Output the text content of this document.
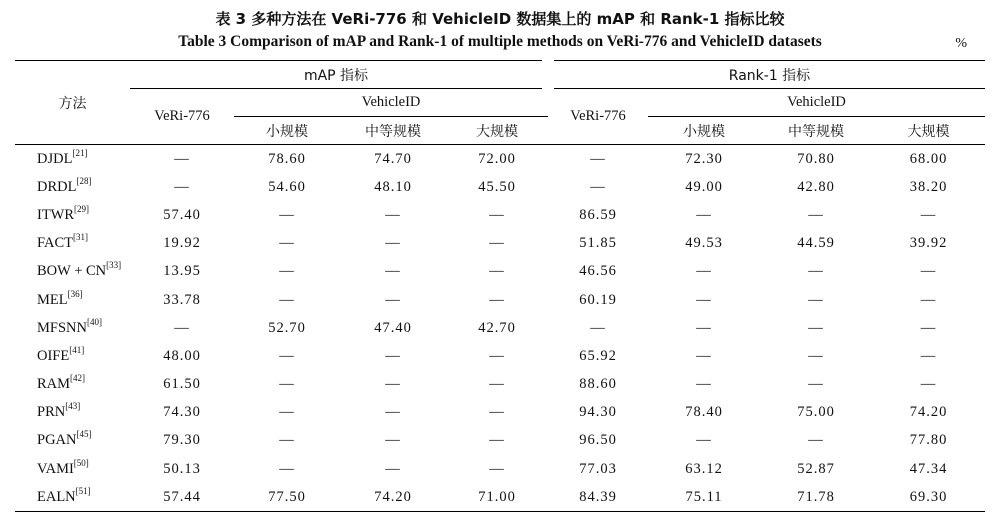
表 3 多种方法在 VeRi-776 和 VehicleID 数据集上的 mAP 和 Rank-1 指标比较
Table 3 Comparison of mAP and Rank-1 of multiple methods on VeRi-776 and VehicleID datasets	%
方法	mAP 指标				Rank-1 指标			
	VeRi-776	VehicleID			VeRi-776	VehicleID		
		小规模	中等规模	大规模		小规模	中等规模	大规模
DJDL[21]	—	78.60	74.70	72.00	—	72.30	70.80	68.00
DRDL[28]	—	54.60	48.10	45.50	—	49.00	42.80	38.20
ITWR[29]	57.40	—	—	—	86.59	—	—	—
FACT[31]	19.92	—	—	—	51.85	49.53	44.59	39.92
BOW + CN[33]	13.95	—	—	—	46.56	—	—	—
MEL[36]	33.78	—	—	—	60.19	—	—	—
MFSNN[40]	—	52.70	47.40	42.70	—	—	—	—
OIFE[41]	48.00	—	—	—	65.92	—	—	—
RAM[42]	61.50	—	—	—	88.60	—	—	—
PRN[43]	74.30	—	—	—	94.30	78.40	75.00	74.20
PGAN[45]	79.30	—	—	—	96.50	—	—	77.80
VAMI[50]	50.13	—	—	—	77.03	63.12	52.87	47.34
EALN[51]	57.44	77.50	74.20	71.00	84.39	75.11	71.78	69.30
